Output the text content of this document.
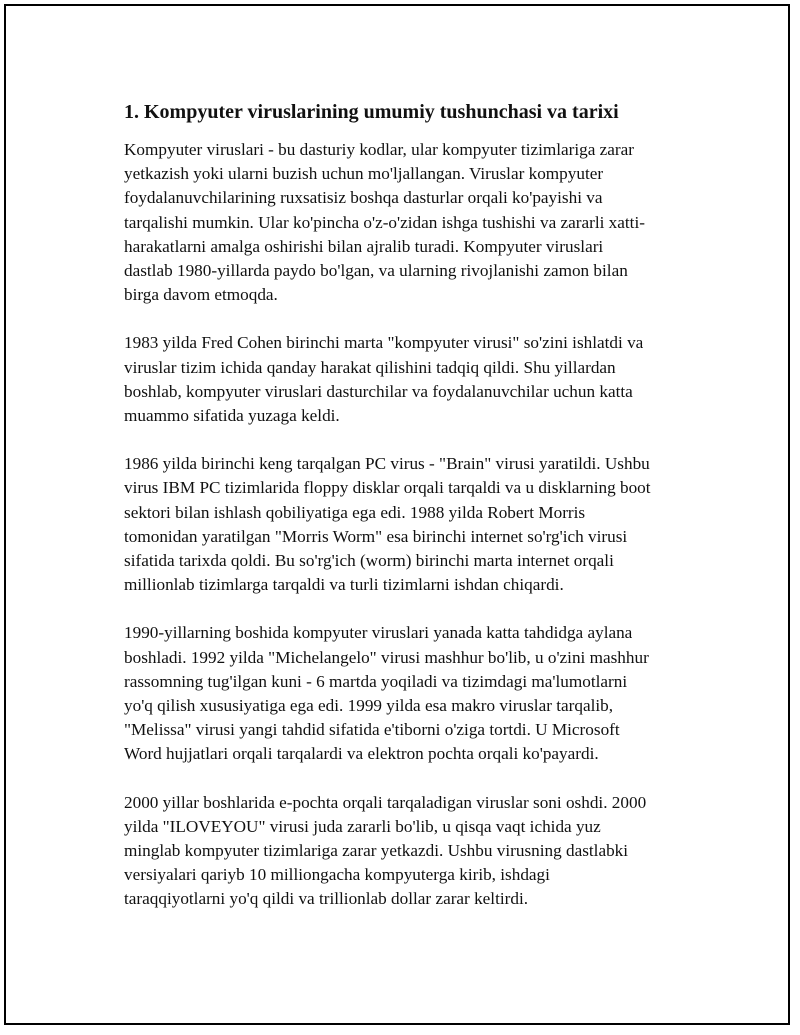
1. Kompyuter viruslarining umumiy tushunchasi va tarixi

Kompyuter viruslari - bu dasturiy kodlar, ular kompyuter tizimlariga zarar
yetkazish yoki ularni buzish uchun mo'ljallangan. Viruslar kompyuter
foydalanuvchilarining ruxsatisiz boshqa dasturlar orqali ko'payishi va
tarqalishi mumkin. Ular ko'pincha o'z-o'zidan ishga tushishi va zararli xatti-
harakatlarni amalga oshirishi bilan ajralib turadi. Kompyuter viruslari
dastlab 1980-yillarda paydo bo'lgan, va ularning rivojlanishi zamon bilan
birga davom etmoqda.

1983 yilda Fred Cohen birinchi marta "kompyuter virusi" so'zini ishlatdi va
viruslar tizim ichida qanday harakat qilishini tadqiq qildi. Shu yillardan
boshlab, kompyuter viruslari dasturchilar va foydalanuvchilar uchun katta
muammo sifatida yuzaga keldi.

1986 yilda birinchi keng tarqalgan PC virus - "Brain" virusi yaratildi. Ushbu
virus IBM PC tizimlarida floppy disklar orqali tarqaldi va u disklarning boot
sektori bilan ishlash qobiliyatiga ega edi. 1988 yilda Robert Morris
tomonidan yaratilgan "Morris Worm" esa birinchi internet so'rg'ich virusi
sifatida tarixda qoldi. Bu so'rg'ich (worm) birinchi marta internet orqali
millionlab tizimlarga tarqaldi va turli tizimlarni ishdan chiqardi.

1990-yillarning boshida kompyuter viruslari yanada katta tahdidga aylana
boshladi. 1992 yilda "Michelangelo" virusi mashhur bo'lib, u o'zini mashhur
rassomning tug'ilgan kuni - 6 martda yoqiladi va tizimdagi ma'lumotlarni
yo'q qilish xususiyatiga ega edi. 1999 yilda esa makro viruslar tarqalib,
"Melissa" virusi yangi tahdid sifatida e'tiborni o'ziga tortdi. U Microsoft
Word hujjatlari orqali tarqalardi va elektron pochta orqali ko'payardi.

2000 yillar boshlarida e-pochta orqali tarqaladigan viruslar soni oshdi. 2000
yilda "ILOVEYOU" virusi juda zararli bo'lib, u qisqa vaqt ichida yuz
minglab kompyuter tizimlariga zarar yetkazdi. Ushbu virusning dastlabki
versiyalari qariyb 10 milliongacha kompyuterga kirib, ishdagi
taraqqiyotlarni yo'q qildi va trillionlab dollar zarar keltirdi.
